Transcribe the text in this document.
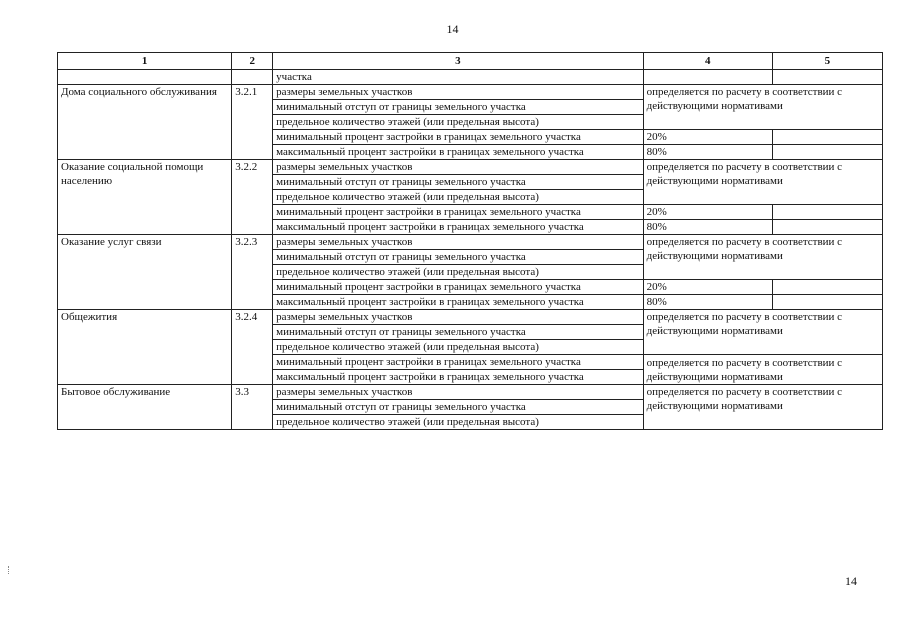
14
1	2	3	4	5
		участка		
Дома социального обслуживания	3.2.1	размеры земельных участков	определяется по расчету в соответствии с действующими нормативами	
		минимальный отступ от границы земельного участка		
		предельное количество этажей (или предельная высота)		
		минимальный процент застройки в границах земельного участка	20%	
		максимальный процент застройки в границах земельного участка	80%	
Оказание социальной помощи населению	3.2.2	размеры земельных участков	определяется по расчету в соответствии с действующими нормативами	
		минимальный отступ от границы земельного участка		
		предельное количество этажей (или предельная высота)		
		минимальный процент застройки в границах земельного участка	20%	
		максимальный процент застройки в границах земельного участка	80%	
Оказание услуг связи	3.2.3	размеры земельных участков	определяется по расчету в соответствии с действующими нормативами	
		минимальный отступ от границы земельного участка		
		предельное количество этажей (или предельная высота)		
		минимальный процент застройки в границах земельного участка	20%	
		максимальный процент застройки в границах земельного участка	80%	
Общежития	3.2.4	размеры земельных участков	определяется по расчету в соответствии с действующими нормативами	
		минимальный отступ от границы земельного участка		
		предельное количество этажей (или предельная высота)		
		минимальный процент застройки в границах земельного участка	определяется по расчету в соответствии с действующими нормативами	
		максимальный процент застройки в границах земельного участка		
Бытовое обслуживание	3.3	размеры земельных участков	определяется по расчету в соответствии с действующими нормативами	
		минимальный отступ от границы земельного участка		
		предельное количество этажей (или предельная высота)		
14
